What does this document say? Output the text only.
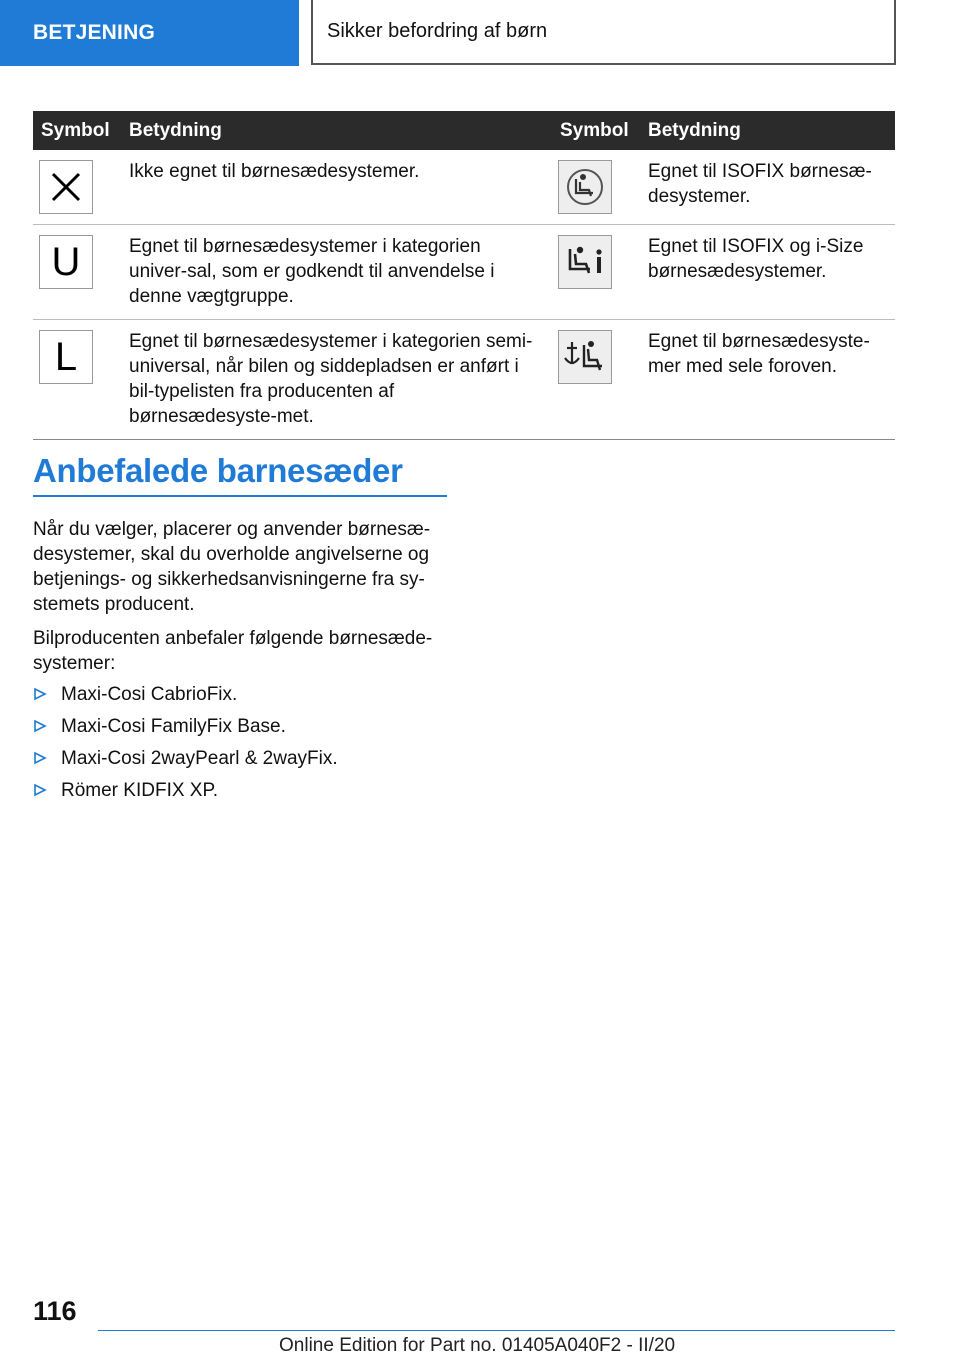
BETJENING	Sikker befordring af børn
Symbol	Betydning	Symbol	Betydning

	Ikke egnet til børnesædesystemer.		Egnet til ISOFIX børnesæ-desystemer.

U	Egnet til børnesædesystemer i kategorien univer-sal, som er godkendt til anvendelse i denne vægtgruppe.		Egnet til ISOFIX og i-Size børnesædesystemer.

L	Egnet til børnesædesystemer i kategorien semi-universal, når bilen og siddepladsen er anført i bil-typelisten fra producenten af børnesædesyste-met.		Egnet til børnesædesyste-mer med sele foroven.
Anbefalede barnesæder

Når du vælger, placerer og anvender børnesæ-desystemer, skal du overholde angivelserne og betjenings- og sikkerhedsanvisningerne fra sy-stemets producent.

Bilproducenten anbefaler følgende børnesæde-systemer:

Maxi-Cosi CabrioFix.
Maxi-Cosi FamilyFix Base.
Maxi-Cosi 2wayPearl & 2wayFix.
Römer KIDFIX XP.
116
Online Edition for Part no. 01405A040F2 - II/20
